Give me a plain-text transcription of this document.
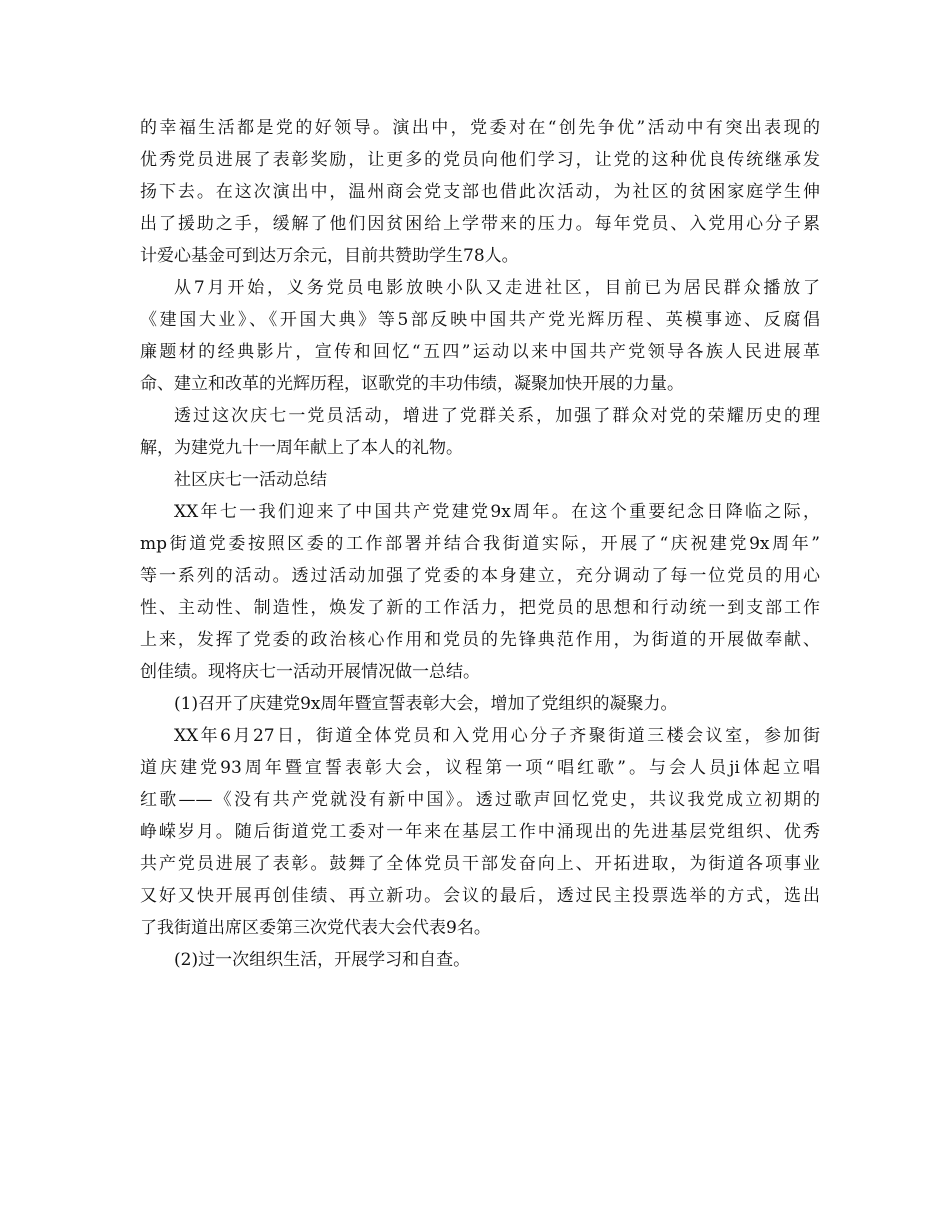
的幸福生活都是党的好领导。演出中，党委对在“创先争优”活动中有突出表现的
优秀党员进展了表彰奖励，让更多的党员向他们学习，让党的这种优良传统继承发
扬下去。在这次演出中，温州商会党支部也借此次活动，为社区的贫困家庭学生伸
出了援助之手，缓解了他们因贫困给上学带来的压力。每年党员、入党用心分子累
计爱心基金可到达万余元，目前共赞助学生78人。
从7月开始，义务党员电影放映小队又走进社区，目前已为居民群众播放了
《建国大业》、《开国大典》等5部反映中国共产党光辉历程、英模事迹、反腐倡
廉题材的经典影片，宣传和回忆“五四”运动以来中国共产党领导各族人民进展革
命、建立和改革的光辉历程，讴歌党的丰功伟绩，凝聚加快开展的力量。
透过这次庆七一党员活动，增进了党群关系，加强了群众对党的荣耀历史的理
解，为建党九十一周年献上了本人的礼物。
社区庆七一活动总结
XX年七一我们迎来了中国共产党建党9x周年。在这个重要纪念日降临之际，
mp街道党委按照区委的工作部署并结合我街道实际，开展了“庆祝建党9x周年”
等一系列的活动。透过活动加强了党委的本身建立，充分调动了每一位党员的用心
性、主动性、制造性，焕发了新的工作活力，把党员的思想和行动统一到支部工作
上来，发挥了党委的政治核心作用和党员的先锋典范作用，为街道的开展做奉献、
创佳绩。现将庆七一活动开展情况做一总结。
(1)召开了庆建党9x周年暨宣誓表彰大会，增加了党组织的凝聚力。
XX年6月27日，街道全体党员和入党用心分子齐聚街道三楼会议室，参加街
道庆建党93周年暨宣誓表彰大会，议程第一项“唱红歌”。与会人员ji体起立唱
红歌——《没有共产党就没有新中国》。透过歌声回忆党史，共议我党成立初期的
峥嵘岁月。随后街道党工委对一年来在基层工作中涌现出的先进基层党组织、优秀
共产党员进展了表彰。鼓舞了全体党员干部发奋向上、开拓进取，为街道各项事业
又好又快开展再创佳绩、再立新功。会议的最后，透过民主投票选举的方式，选出
了我街道出席区委第三次党代表大会代表9名。
(2)过一次组织生活，开展学习和自查。
